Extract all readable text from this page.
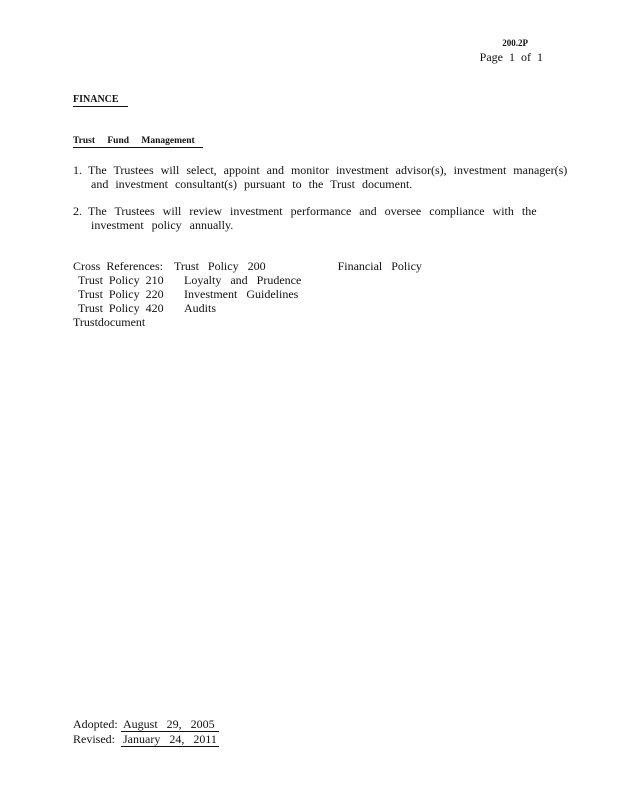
200.2P
Page 1 of 1
FINANCE
Trust Fund Management
1. The Trustees will select, appoint and monitor investment advisor(s), investment manager(s)
and investment consultant(s) pursuant to the Trust document.
2. The Trustees will review investment performance and oversee compliance with the
investment policy annually.
Cross References: Trust Policy 200	Financial Policy
Trust Policy 210	Loyalty and Prudence
Trust Policy 220	Investment Guidelines
Trust Policy 420	Audits
Trustdocument
Adopted: August 29, 2005
Revised: January 24, 2011
